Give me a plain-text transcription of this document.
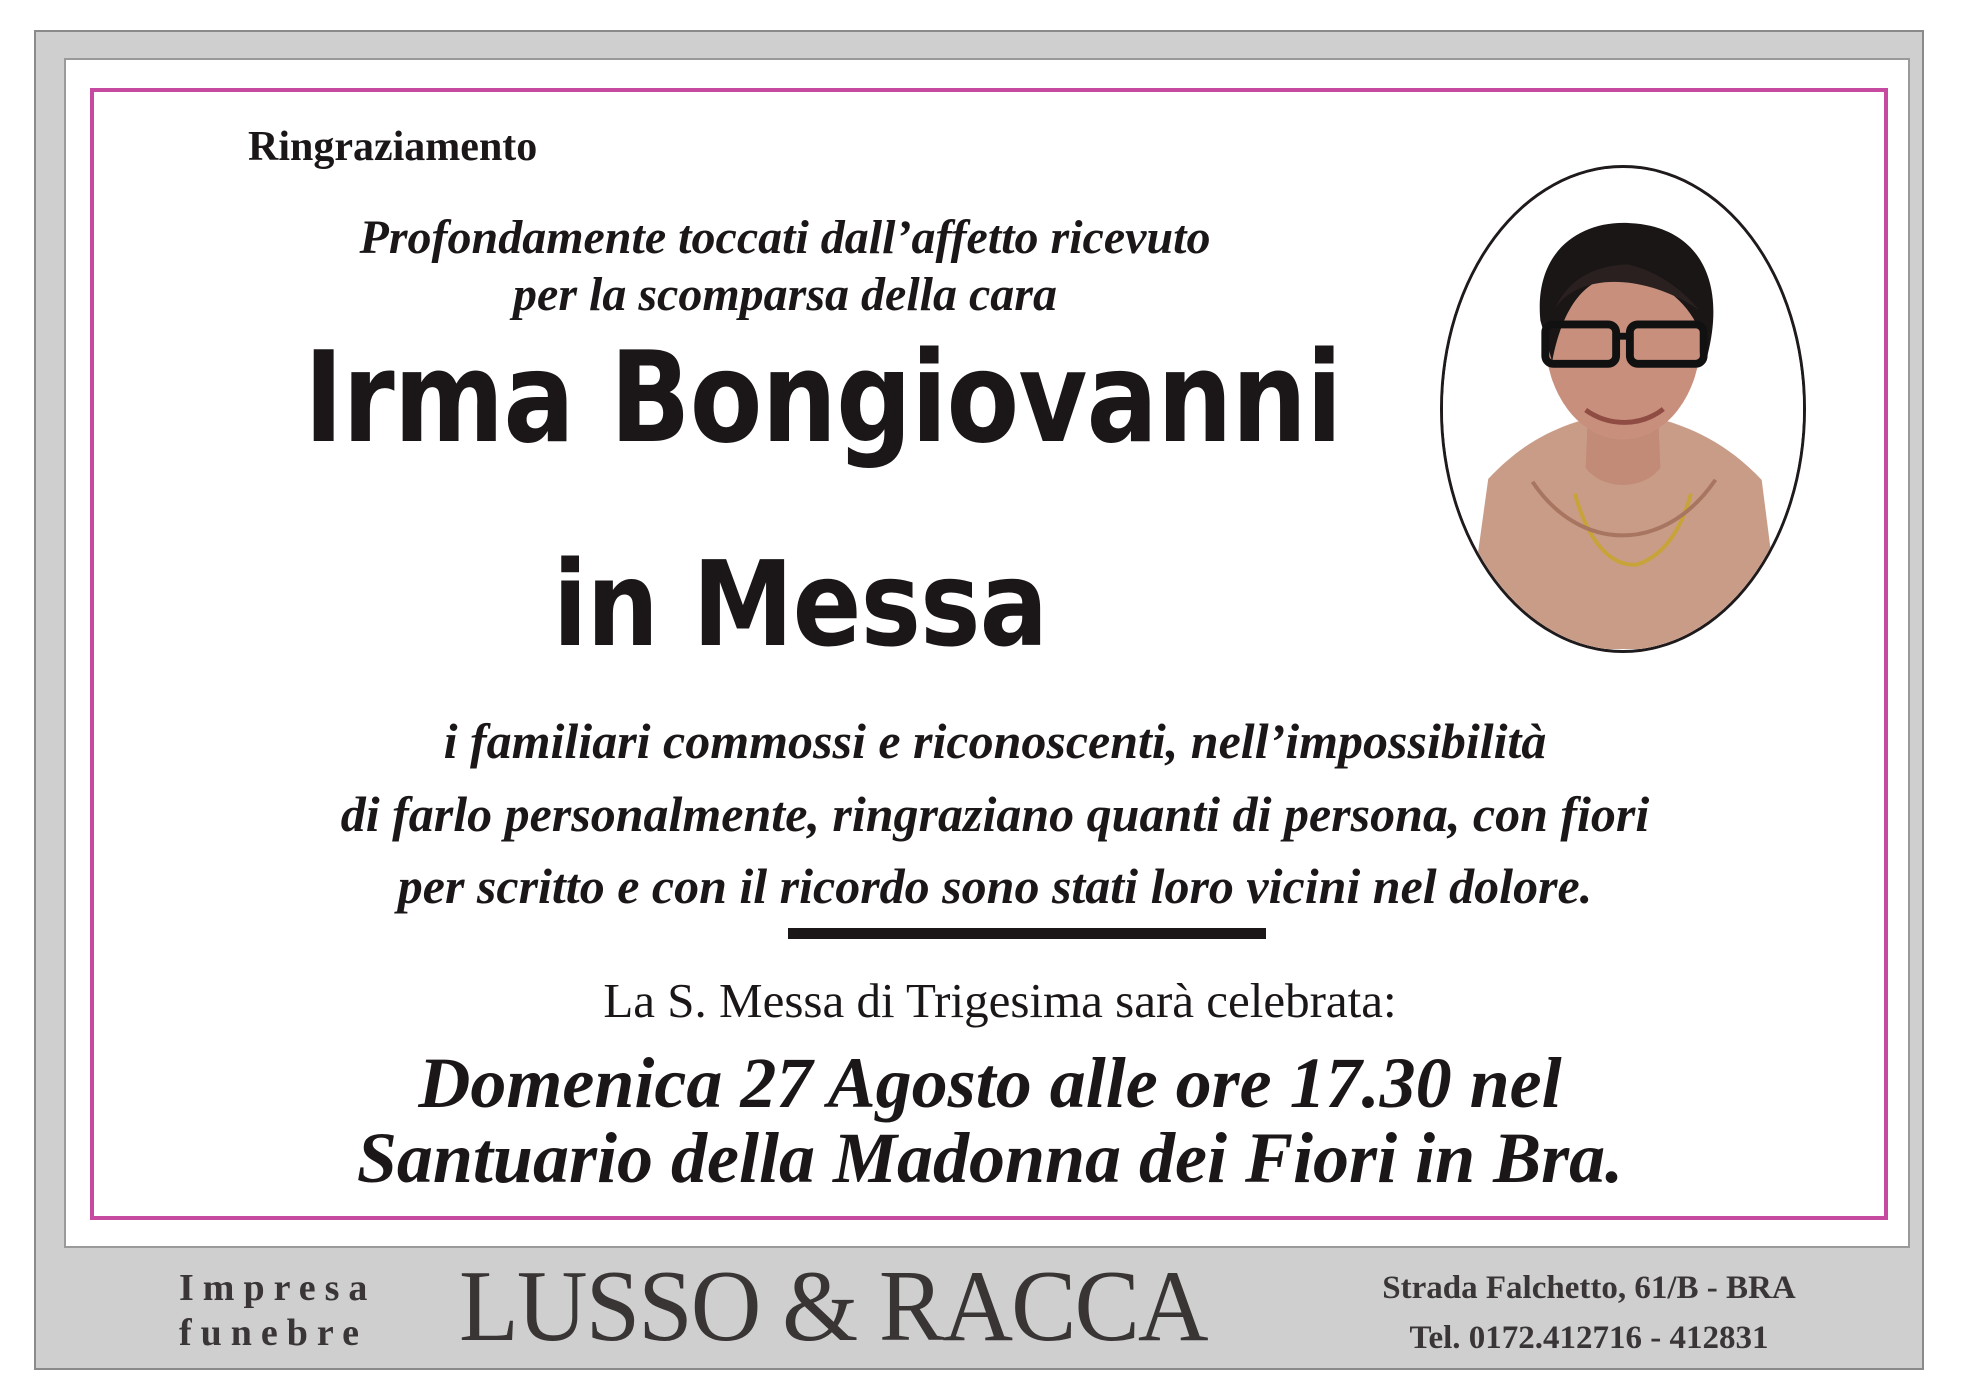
Ringraziamento
Profondamente toccati dall’affetto ricevuto
per la scomparsa della cara
Irma Bongiovanni
in Messa
i familiari commossi e riconoscenti, nell’impossibilità
di farlo personalmente, ringraziano quanti di persona, con fiori
per scritto e con il ricordo sono stati loro vicini nel dolore.
La S. Messa di Trigesima sarà celebrata:
Domenica 27 Agosto alle ore 17.30 nel
Santuario della Madonna dei Fiori in Bra.
Impresa
funebre LUSSO & RACCA	Strada Falchetto, 61/B - BRA
Tel. 0172.412716 - 412831
